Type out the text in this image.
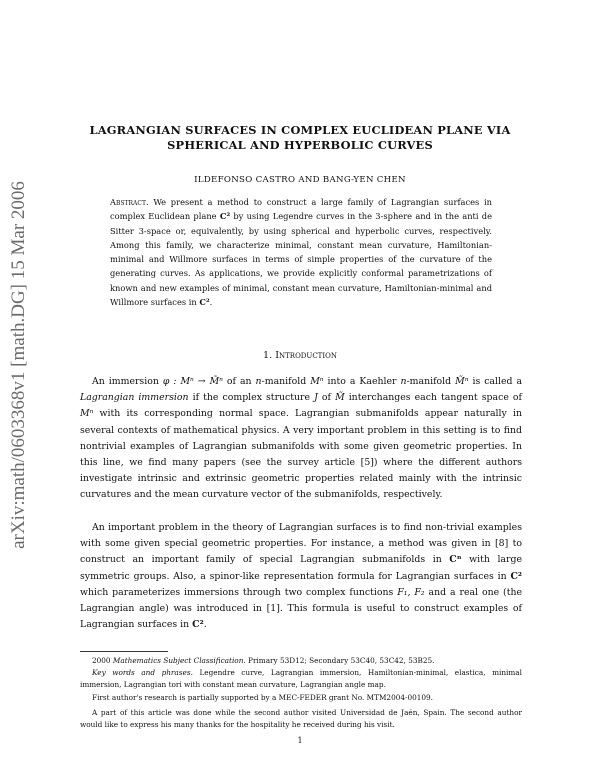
arXiv:math/0603368v1 [math.DG] 15 Mar 2006
LAGRANGIAN SURFACES IN COMPLEX EUCLIDEAN PLANE VIA
SPHERICAL AND HYPERBOLIC CURVES
ILDEFONSO CASTRO AND BANG-YEN CHEN
Abstract. We present a method to construct a large family of Lagrangian surfaces in complex Euclidean plane C² by using Legendre curves in the 3-sphere and in the anti de Sitter 3-space or, equivalently, by using spherical and hyperbolic curves, respectively. Among this family, we characterize minimal, constant mean curvature, Hamiltonian-minimal and Willmore surfaces in terms of simple properties of the curvature of the generating curves. As applications, we provide explicitly conformal parametrizations of known and new examples of minimal, constant mean curvature, Hamiltonian-minimal and Willmore surfaces in C².
1. Introduction
An immersion φ : Mⁿ → M̃ⁿ of an n-manifold Mⁿ into a Kaehler n-manifold M̃ⁿ is called a Lagrangian immersion if the complex structure J of M̃ interchanges each tangent space of Mⁿ with its corresponding normal space. Lagrangian submanifolds appear naturally in several contexts of mathematical physics. A very important problem in this setting is to find nontrivial examples of Lagrangian submanifolds with some given geometric properties. In this line, we find many papers (see the survey article [5]) where the different authors investigate intrinsic and extrinsic geometric properties related mainly with the intrinsic curvatures and the mean curvature vector of the submanifolds, respectively.
An important problem in the theory of Lagrangian surfaces is to find non-trivial examples with some given special geometric properties. For instance, a method was given in [8] to construct an important family of special Lagrangian submanifolds in Cⁿ with large symmetric groups. Also, a spinor-like representation formula for Lagrangian surfaces in C² which parameterizes immersions through two complex functions F₁, F₂ and a real one (the Lagrangian angle) was introduced in [1]. This formula is useful to construct examples of Lagrangian surfaces in C².
2000 Mathematics Subject Classification. Primary 53D12; Secondary 53C40, 53C42, 53B25.
Key words and phrases. Legendre curve, Lagrangian immersion, Hamiltonian-minimal, elastica, minimal immersion, Lagrangian tori with constant mean curvature, Lagrangian angle map.
First author's research is partially supported by a MEC-FEDER grant No. MTM2004-00109.
A part of this article was done while the second author visited Universidad de Jaén, Spain. The second author would like to express his many thanks for the hospitality he received during his visit.
1
